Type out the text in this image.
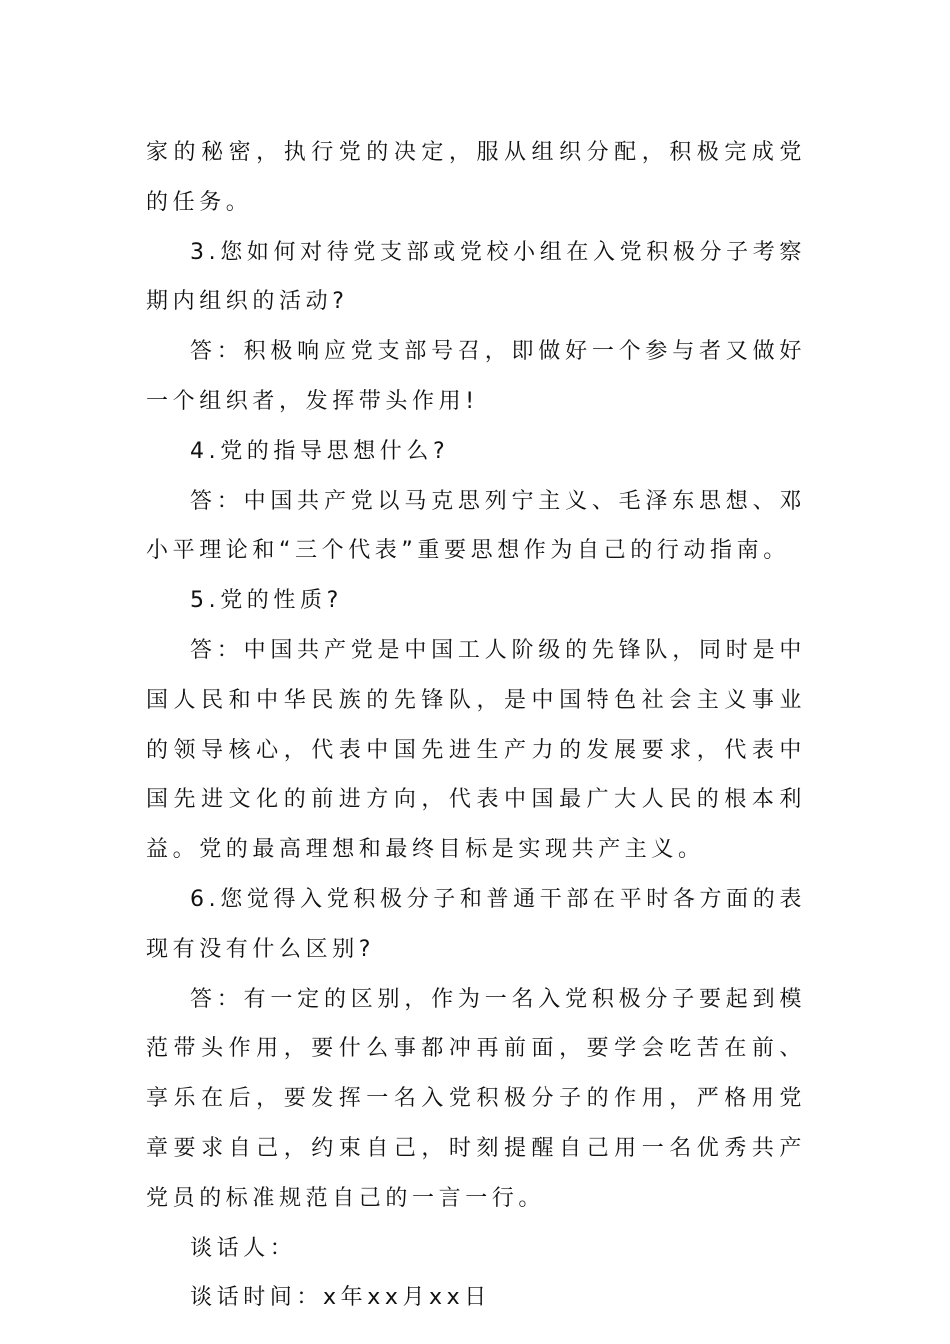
家的秘密，执行党的决定，服从组织分配，积极完成党的任务。

3.您如何对待党支部或党校小组在入党积极分子考察期内组织的活动?

答：积极响应党支部号召，即做好一个参与者又做好一个组织者，发挥带头作用!

4.党的指导思想什么?

答：中国共产党以马克思列宁主义、毛泽东思想、邓小平理论和“三个代表”重要思想作为自己的行动指南。

5.党的性质?

答：中国共产党是中国工人阶级的先锋队，同时是中国人民和中华民族的先锋队，是中国特色社会主义事业的领导核心，代表中国先进生产力的发展要求，代表中国先进文化的前进方向，代表中国最广大人民的根本利益。党的最高理想和最终目标是实现共产主义。

6.您觉得入党积极分子和普通干部在平时各方面的表现有没有什么区别?

答：有一定的区别，作为一名入党积极分子要起到模范带头作用，要什么事都冲再前面，要学会吃苦在前、享乐在后，要发挥一名入党积极分子的作用，严格用党章要求自己，约束自己，时刻提醒自己用一名优秀共产党员的标准规范自己的一言一行。

谈话人：

谈话时间：x年xx月xx日
